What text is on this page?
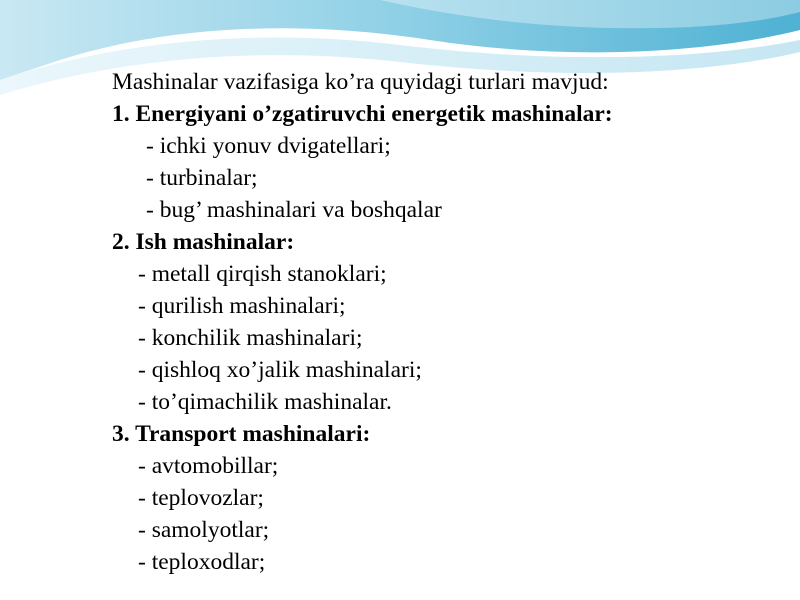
Mashinalar vazifasiga ko’ra quyidagi turlari mavjud:
1. Energiyani o’zgatiruvchi energetik mashinalar:
- ichki yonuv dvigatellari;
- turbinalar;
- bug’ mashinalari va boshqalar
2. Ish mashinalar:
- metall qirqish stanoklari;
- qurilish mashinalari;
- konchilik mashinalari;
- qishloq xo’jalik mashinalari;
- to’qimachilik mashinalar.
3. Transport mashinalari:
- avtomobillar;
- teplovozlar;
- samolyotlar;
- teploxodlar;
